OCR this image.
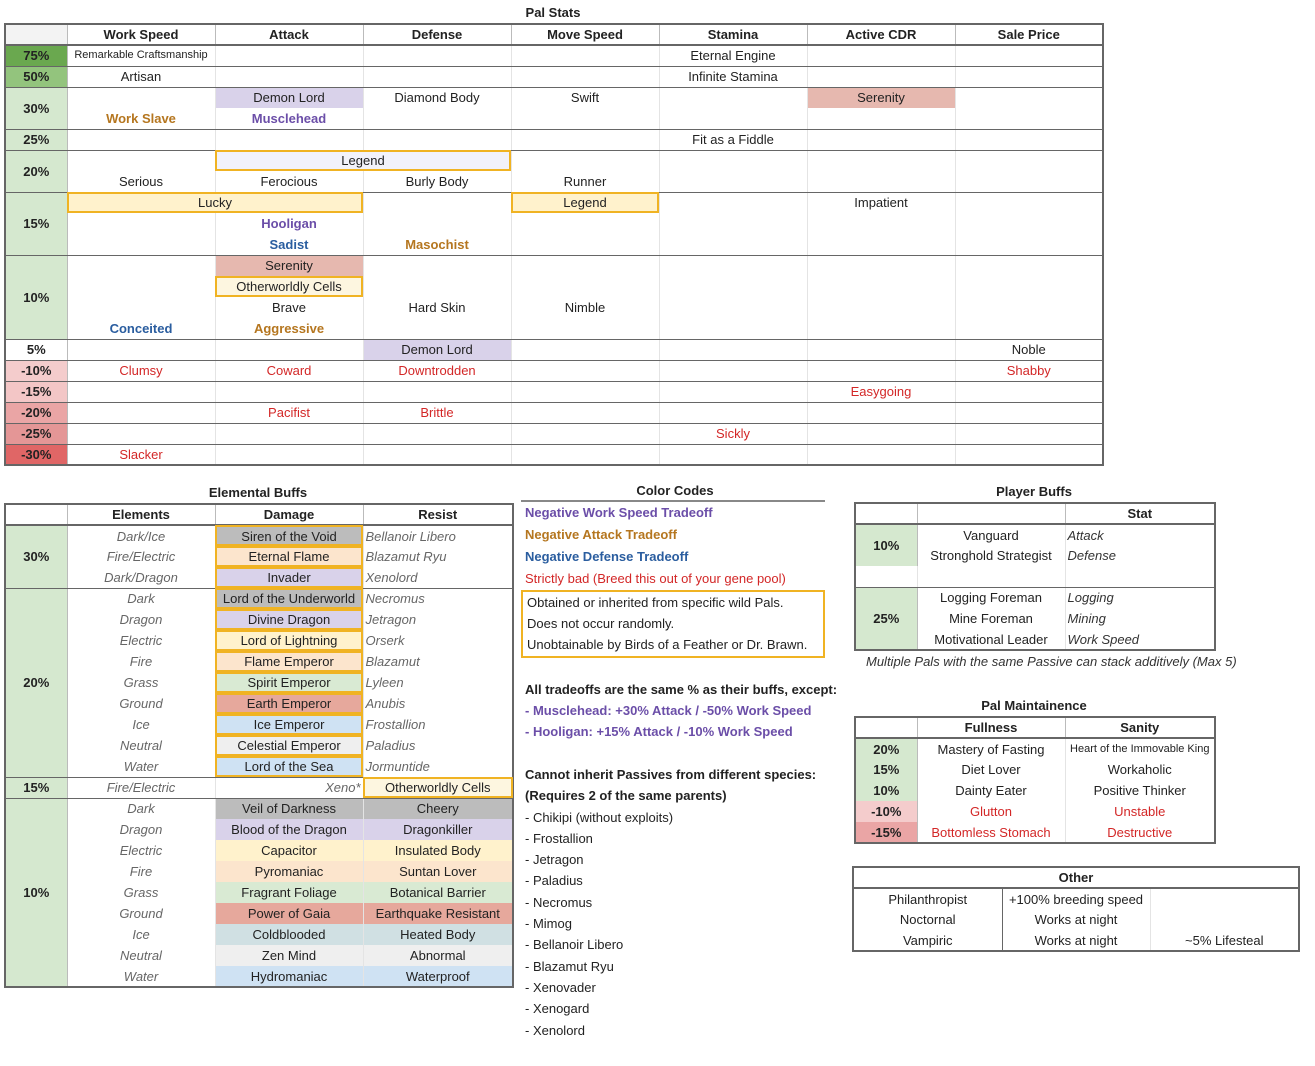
Pal Stats
	Work Speed	Attack	Defense	Move Speed	Stamina	Active CDR	Sale Price
75%	Remarkable Craftsmanship				Eternal Engine		
50%	Artisan				Infinite Stamina		
30%		Demon Lord	Diamond Body	Swift		Serenity	
	Work Slave	Musclehead					
25%					Fit as a Fiddle		
20%		Legend					
	Serious	Ferocious	Burly Body	Runner			
15%	Lucky			Legend		Impatient	
		Hooligan					
		Sadist	Masochist				
10%		Serenity					
		Otherworldly Cells					
		Brave	Hard Skin	Nimble			
	Conceited	Aggressive					
5%			Demon Lord				Noble
-10%	Clumsy	Coward	Downtrodden				Shabby
-15%						Easygoing	
-20%		Pacifist	Brittle				
-25%					Sickly		
-30%	Slacker						
Elemental Buffs
	Elements	Damage	Resist
30%	Dark/Ice	Siren of the Void	Bellanoir Libero
	Fire/Electric	Eternal Flame	Blazamut Ryu
	Dark/Dragon	Invader	Xenolord
20%	Dark	Lord of the Underworld	Necromus
	Dragon	Divine Dragon	Jetragon
	Electric	Lord of Lightning	Orserk
	Fire	Flame Emperor	Blazamut
	Grass	Spirit Emperor	Lyleen
	Ground	Earth Emperor	Anubis
	Ice	Ice Emperor	Frostallion
	Neutral	Celestial Emperor	Paladius
	Water	Lord of the Sea	Jormuntide
15%	Fire/Electric	Xeno*	Otherworldly Cells
10%	Dark	Veil of Darkness	Cheery
	Dragon	Blood of the Dragon	Dragonkiller
	Electric	Capacitor	Insulated Body
	Fire	Pyromaniac	Suntan Lover
	Grass	Fragrant Foliage	Botanical Barrier
	Ground	Power of Gaia	Earthquake Resistant
	Ice	Coldblooded	Heated Body
	Neutral	Zen Mind	Abnormal
	Water	Hydromaniac	Waterproof
Color Codes
Negative Work Speed Tradeoff
Negative Attack Tradeoff
Negative Defense Tradeoff
Strictly bad (Breed this out of your gene pool)
Obtained or inherited from specific wild Pals.
Does not occur randomly.
Unobtainable by Birds of a Feather or Dr. Brawn.
All tradeoffs are the same % as their buffs, except:
- Musclehead: +30% Attack / -50% Work Speed
- Hooligan: +15% Attack / -10% Work Speed
Cannot inherit Passives from different species:
(Requires 2 of the same parents)
- Chikipi (without exploits)
- Frostallion
- Jetragon
- Paladius
- Necromus
- Mimog
- Bellanoir Libero
- Blazamut Ryu
- Xenovader
- Xenogard
- Xenolord
Player Buffs
		Stat
10%	Vanguard	Attack
	Stronghold Strategist	Defense

25%	Logging Foreman	Logging
	Mine Foreman	Mining
	Motivational Leader	Work Speed
Multiple Pals with the same Passive can stack additively (Max 5)
Pal Maintainence
	Fullness	Sanity
20%	Mastery of Fasting	Heart of the Immovable King
15%	Diet Lover	Workaholic
10%	Dainty Eater	Positive Thinker
-10%	Glutton	Unstable
-15%	Bottomless Stomach	Destructive
Other		
Philanthropist	+100% breeding speed	
Noctornal	Works at night	
Vampiric	Works at night	~5% Lifesteal
